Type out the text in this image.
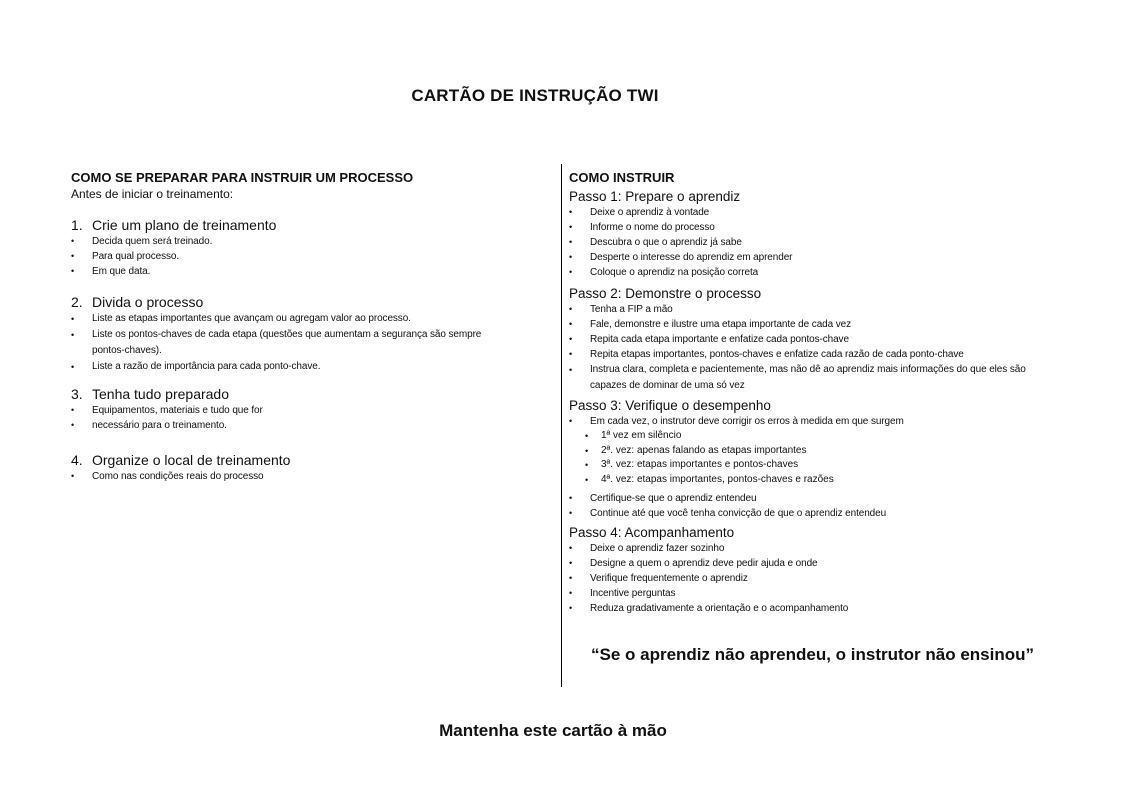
CARTÃO DE INSTRUÇÃO TWI
COMO SE PREPARAR PARA INSTRUIR UM PROCESSO
Antes de iniciar o treinamento:

1. Crie um plano de treinamento

• Decida quem será treinado.
• Para qual processo.
• Em que data.

2. Divida o processo

• Liste as etapas importantes que avançam ou agregam valor ao processo.
• Liste os pontos-chaves de cada etapa (questões que aumentam a segurança são sempre pontos-chaves).
• Liste a razão de importância para cada ponto-chave.

3. Tenha tudo preparado

• Equipamentos, materiais e tudo que for
• necessário para o treinamento.

4. Organize o local de treinamento

• Como nas condições reais do processo
COMO INSTRUIR

Passo 1: Prepare o aprendiz

• Deixe o aprendiz à vontade
• Informe o nome do processo
• Descubra o que o aprendiz já sabe
• Desperte o interesse do aprendiz em aprender
• Coloque o aprendiz na posição correta

Passo 2: Demonstre o processo

• Tenha a FIP a mão
• Fale, demonstre e ilustre uma etapa importante de cada vez
• Repita cada etapa importante e enfatize cada pontos-chave
• Repita etapas importantes, pontos-chaves e enfatize cada razão de cada ponto-chave
• Instrua clara, completa e pacientemente, mas não dê ao aprendiz mais informações do que eles são capazes de dominar de uma só vez

Passo 3: Verifique o desempenho

• Em cada vez, o instrutor deve corrigir os erros à medida em que surgem
• 1ª vez em silêncio
• 2ª. vez: apenas falando as etapas importantes
• 3ª. vez: etapas importantes e pontos-chaves
• 4ª. vez: etapas importantes, pontos-chaves e razões
• Certifique-se que o aprendiz entendeu
• Continue até que você tenha convicção de que o aprendiz entendeu

Passo 4: Acompanhamento

• Deixe o aprendiz fazer sozinho
• Designe a quem o aprendiz deve pedir ajuda e onde
• Verifique frequentemente o aprendiz
• Incentive perguntas
• Reduza gradativamente a orientação e o acompanhamento
“Se o aprendiz não aprendeu, o instrutor não ensinou”
Mantenha este cartão à mão
